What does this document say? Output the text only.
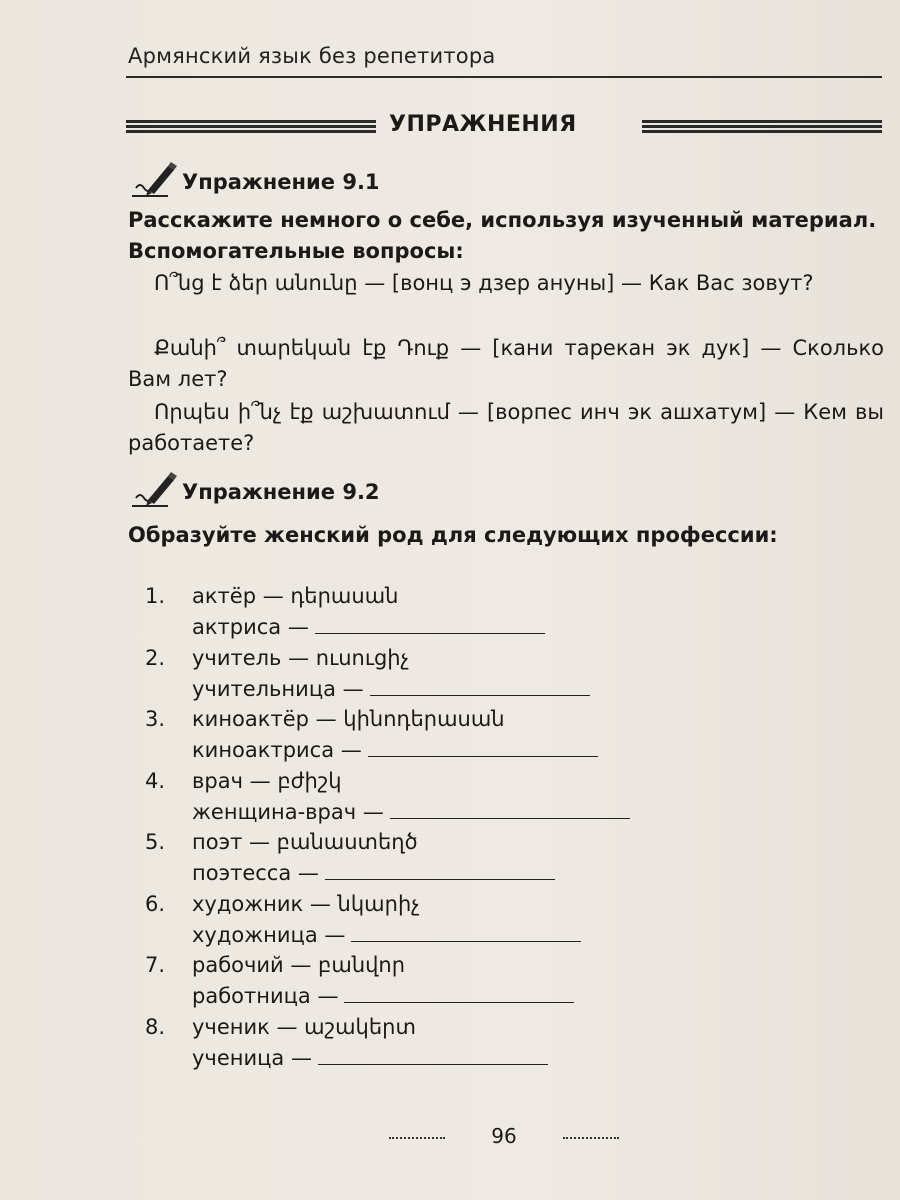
Армянский язык без репетитора
УПРАЖНЕНИЯ
Упражнение 9.1
Расскажите немного о себе, используя изученный материал. Вспомогательные вопросы:
Ո՞նց է ձեր անունը — [вонц э дзер ануны] — Как Вас зовут?
Քանի՞ տարեկան էք Դուք — [кани тарекан эк дук] — Сколько Вам лет?
Որպես ի՞նչ էք աշխատում — [ворпес инч эк ашхатум] — Кем вы работаете?
Упражнение 9.2
Образуйте женский род для следующих профессии:
1. актёр — դերասան
актриса —
2. учитель — ուսուցիչ
учительница —
3. киноактёр — կինոդերասան
киноактриса —
4. врач — բժիշկ
женщина-врач —
5. поэт — բանաստեղծ
поэтесса —
6. художник — նկարիչ
художница —
7. рабочий — բանվոր
работница —
8. ученик — աշակերտ
ученица —
96
